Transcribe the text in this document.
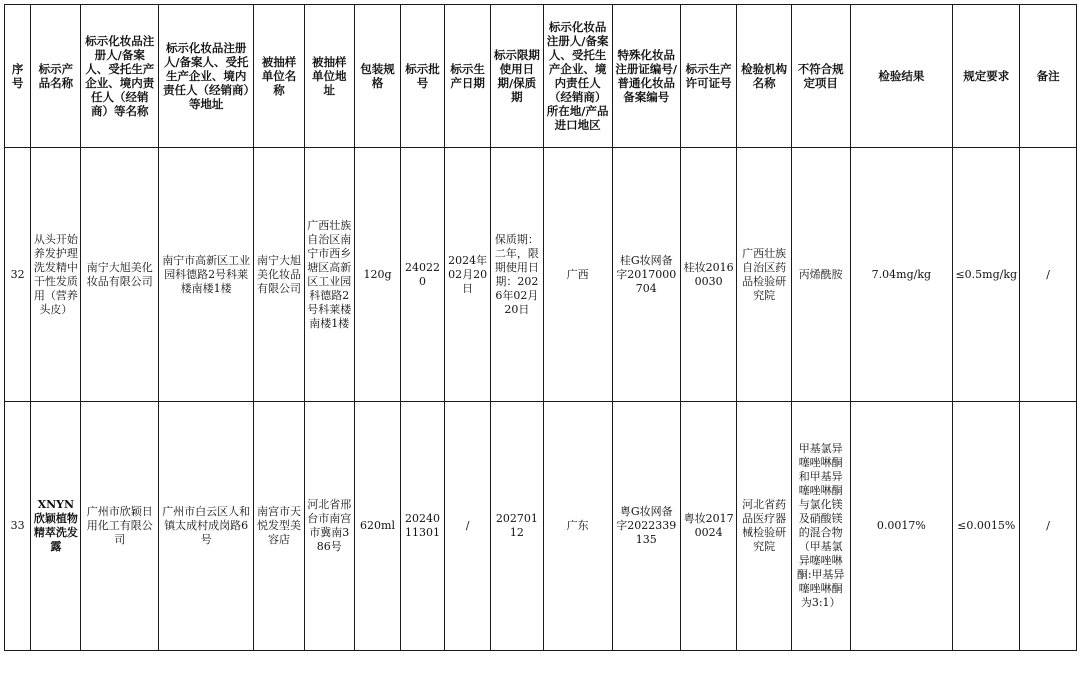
序号	标示产品名称	标示化妆品注册人/备案人、受托生产企业、境内责任人（经销商）等名称	标示化妆品注册人/备案人、受托生产企业、境内责任人（经销商）等地址	被抽样单位名称	被抽样单位地址	包装规格	标示批号	标示生产日期	标示限期使用日期/保质期	标示化妆品注册人/备案人、受托生产企业、境内责任人（经销商）所在地/产品进口地区	特殊化妆品注册证编号/普通化妆品备案编号	标示生产许可证号	检验机构名称	不符合规定项目	检验结果	规定要求	备注
32	从头开始养发护理洗发精中干性发质用（营养头皮）	南宁大旭美化妆品有限公司	南宁市高新区工业园科德路2号科莱楼南楼1楼	南宁大旭美化妆品有限公司	广西壮族自治区南宁市西乡塘区高新区工业园科德路2号科莱楼南楼1楼	120g	240220	2024年02月20日	保质期：二年，限期使用日期：2026年02月20日	广西	桂G妆网备字2017000704	桂妆20160030	广西壮族自治区药品检验研究院	丙烯酰胺	7.04mg/kg	≤0.5mg/kg	/
33	XNYN欣颖植物精萃洗发露	广州市欣颖日用化工有限公司	广州市白云区人和镇太成村成岗路6号	南宫市天悦发型美容店	河北省邢台市南宫市冀南386号	620ml	2024011301	/	20270112	广东	粤G妆网备字2022339135	粤妆20170024	河北省药品医疗器械检验研究院	甲基氯异噻唑啉酮和甲基异噻唑啉酮与氯化镁及硝酸镁的混合物（甲基氯异噻唑啉酮:甲基异噻唑啉酮为3:1）	0.0017%	≤0.0015%	/
